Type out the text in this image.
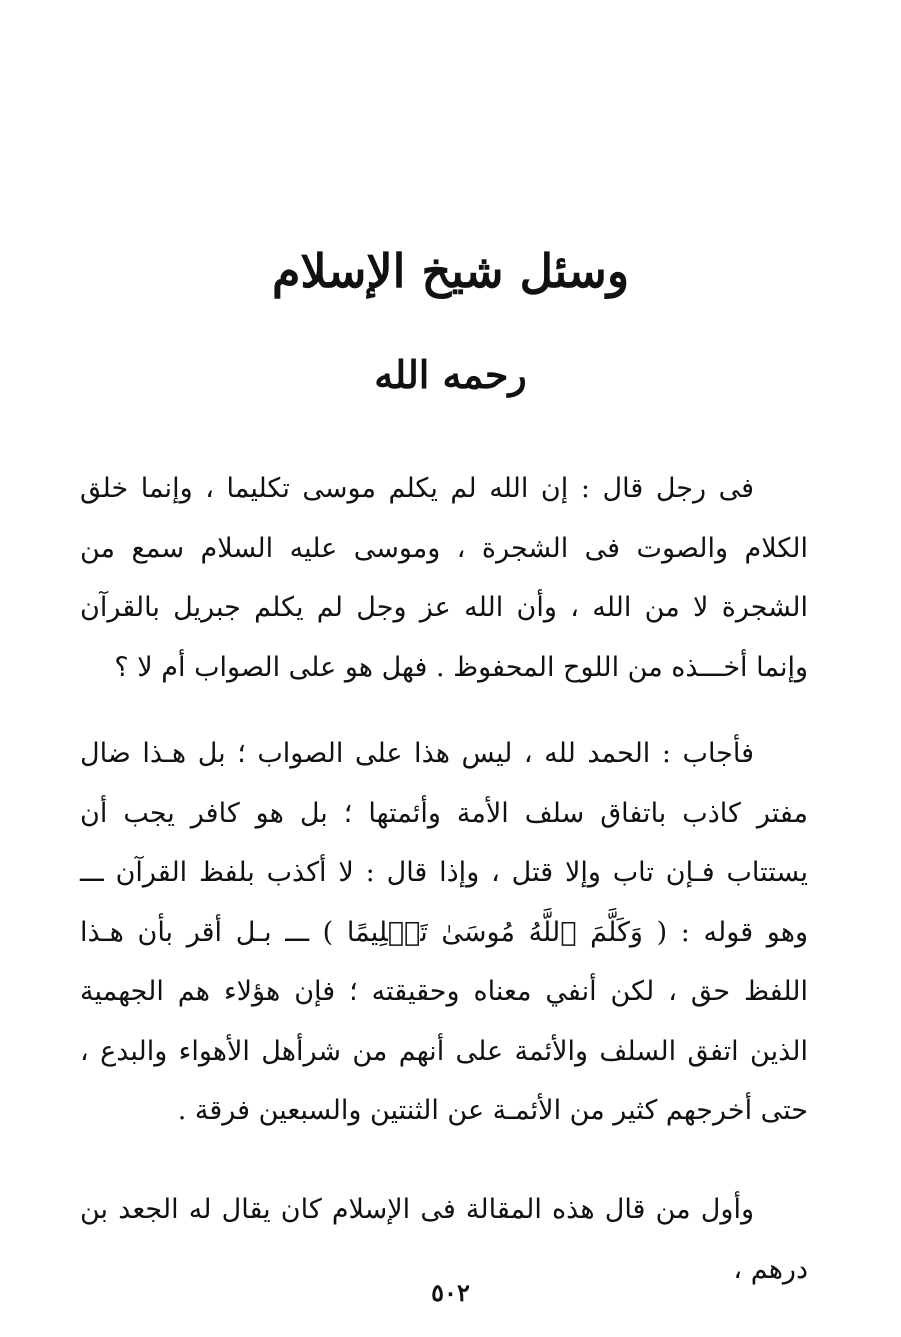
وسئل شيخ الإسلام
رحمه الله

فى رجل قال : إن الله لم يكلم موسى تكليما ، وإنما خلق الكلام والصوت فى الشجرة ، وموسى عليه السلام سمع من الشجرة لا من الله ، وأن الله عز وجل لم يكلم جبريل بالقرآن وإنما أخـــذه من اللوح المحفوظ . فهل هو على الصواب أم لا ؟

فأجاب : الحمد لله ، ليس هذا على الصواب ؛ بل هـذا ضال مفتر كاذب باتفاق سلف الأمة وأئمتها ؛ بل هو كافر يجب أن يستتاب فـإن تاب وإلا قتل ، وإذا قال : لا أكذب بلفظ القرآن ـــ وهو قوله : ( وَكَلَّمَ ٱللَّهُ مُوسَىٰ تَكۡلِيمًا ) ـــ بـل أقر بأن هـذا اللفظ حق ، لكن أنفي معناه وحقيقته ؛ فإن هؤلاء هم الجهمية الذين اتفق السلف والأئمة على أنهم من شرأهل الأهواء والبدع ، حتى أخرجهم كثير من الأئمـة عن الثنتين والسبعين فرقة .

وأول من قال هذه المقالة فى الإسلام كان يقال له الجعد بن درهم ،

٥٠٢
